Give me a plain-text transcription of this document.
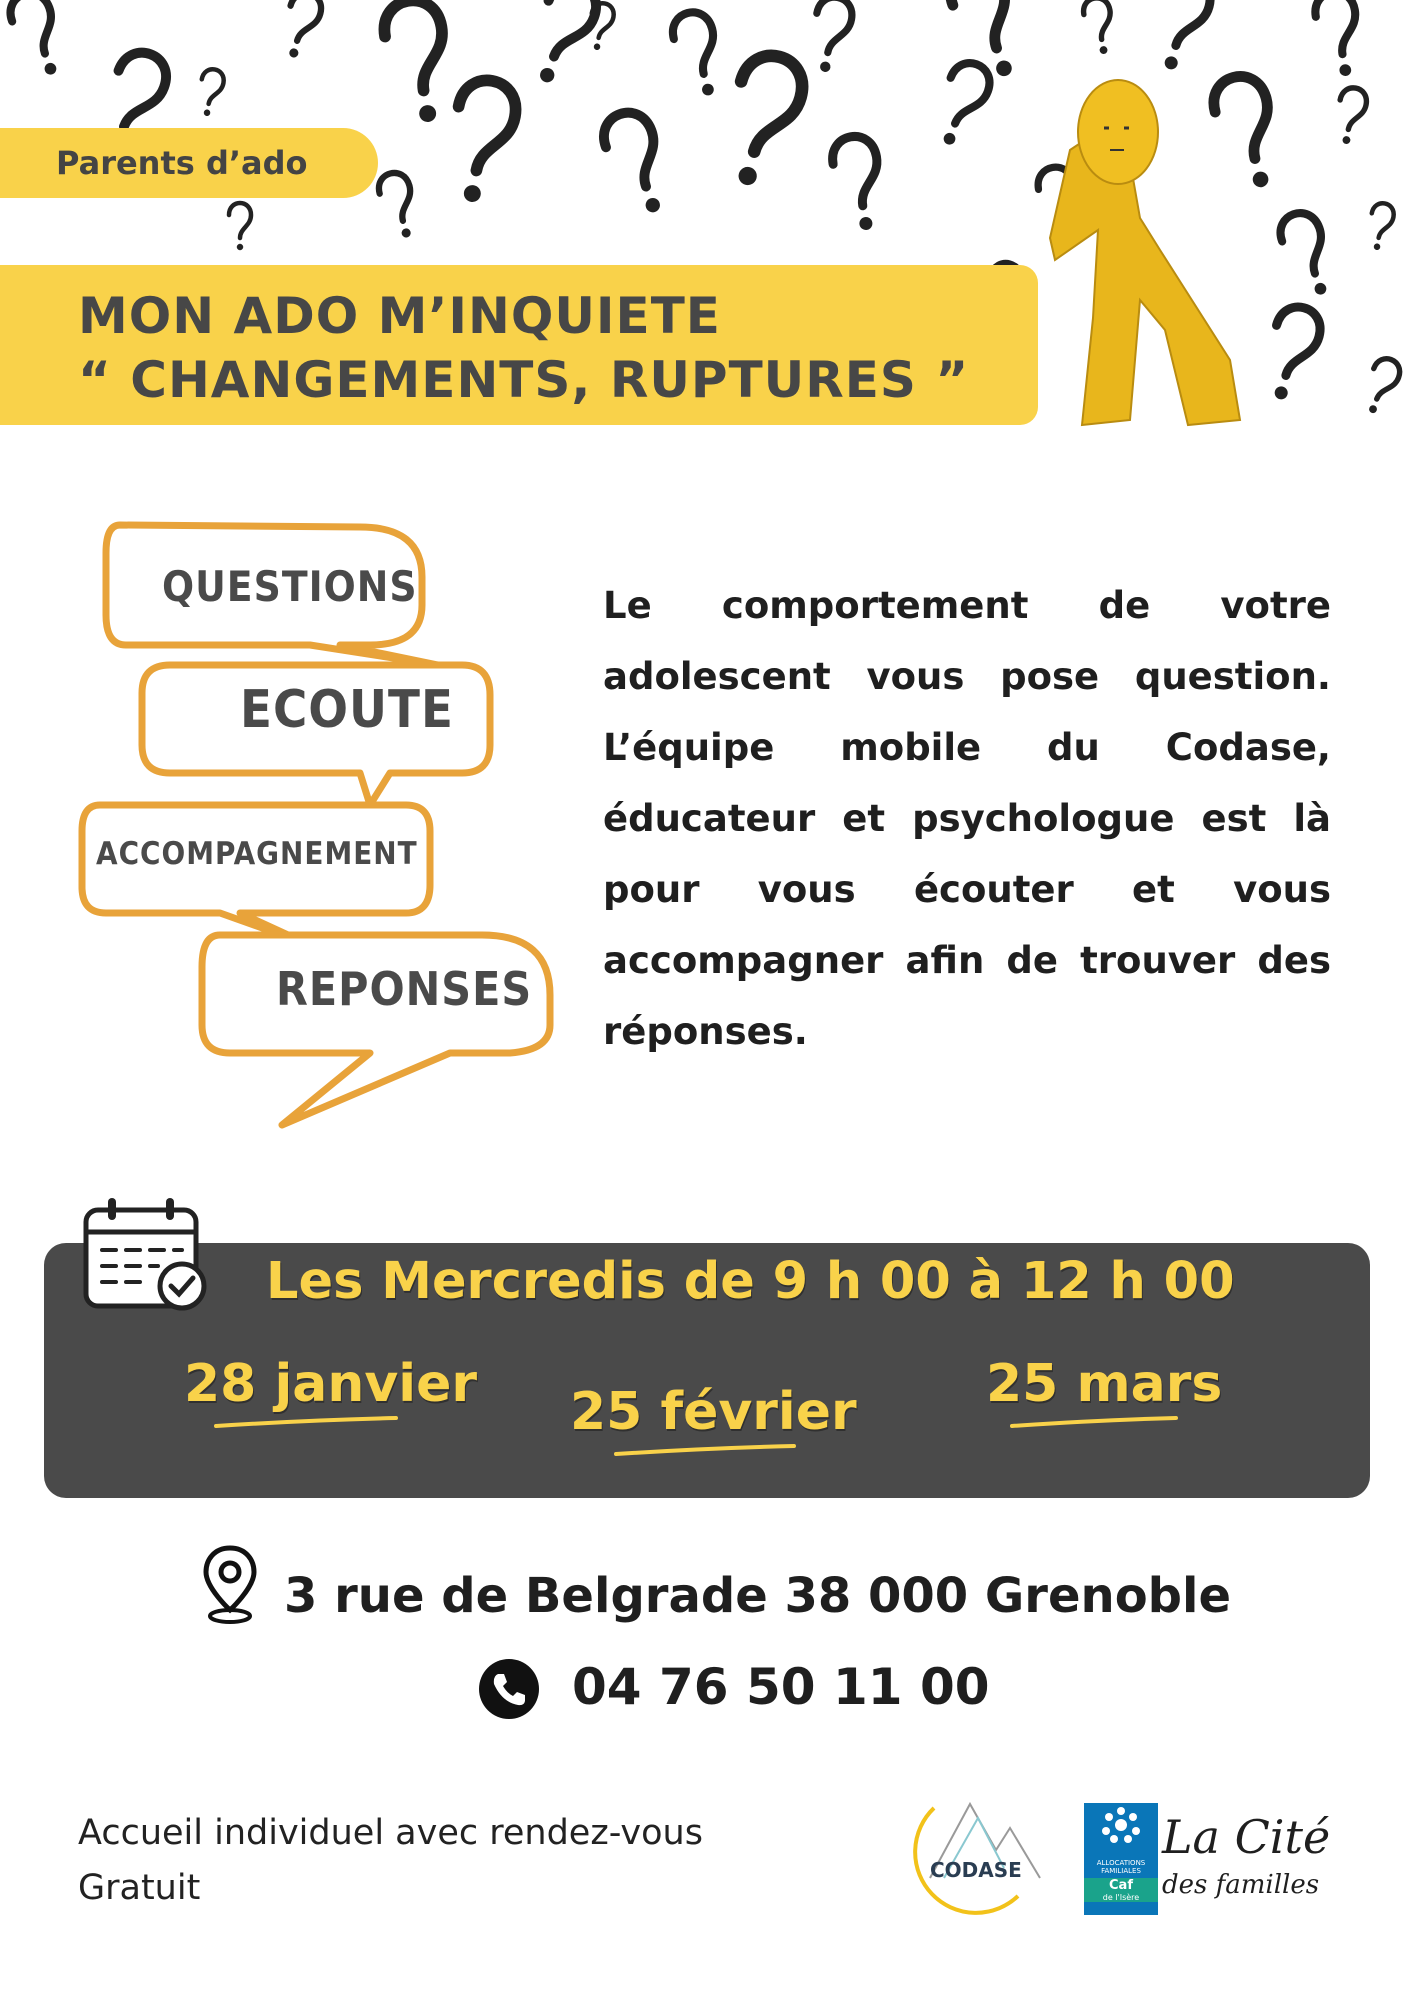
Parents d’ado
MON ADO M’INQUIETE
“ CHANGEMENTS, RUPTURES ”
QUESTIONS
ECOUTE
ACCOMPAGNEMENT
REPONSES
Le comportement de votre adolescent vous pose question. L’équipe mobile du Codase, éducateur et psychologue est là pour vous écouter et vous accompagner afin de trouver des réponses.
Les Mercredis de 9 h 00 à 12 h 00
28 janvier 25 février 25 mars
3 rue de Belgrade 38 000 Grenoble
04 76 50 11 00
Accueil individuel avec rendez-vous
Gratuit	CODASE	ALLOCATIONS FAMILIALES
Caf
de l'Isère
La Cité
des familles
